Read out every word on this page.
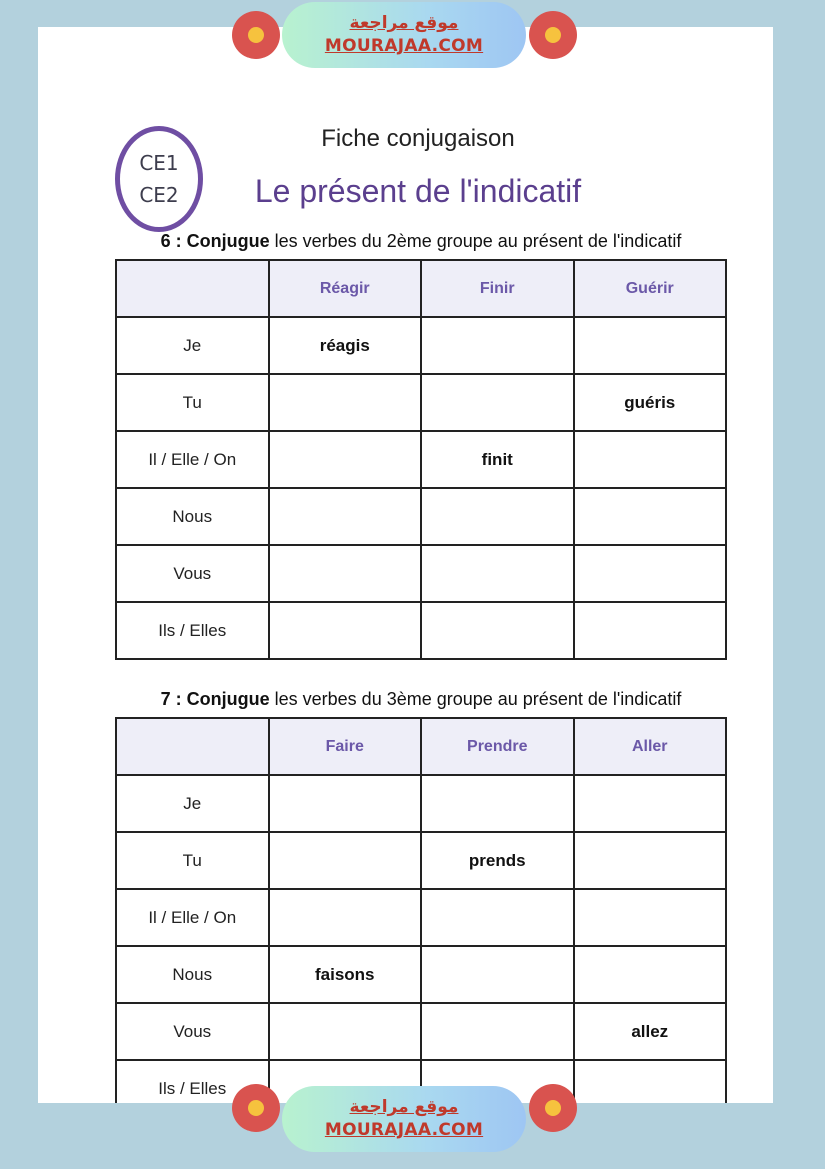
CE1
CE2
Fiche conjugaison
Le présent de l'indicatif
6 : Conjugue les verbes du 2ème groupe au présent de l'indicatif
	Réagir	Finir	Guérir
Je	réagis		
Tu			guéris
Il / Elle / On		finit	
Nous			
Vous			
Ils / Elles			
7 : Conjugue les verbes du 3ème groupe au présent de l'indicatif
	Faire	Prendre	Aller
Je			
Tu		prends	
Il / Elle / On			
Nous	faisons		
Vous			allez
Ils / Elles			
موقع مراجعة
MOURAJAA.COM
موقع مراجعة
MOURAJAA.COM
